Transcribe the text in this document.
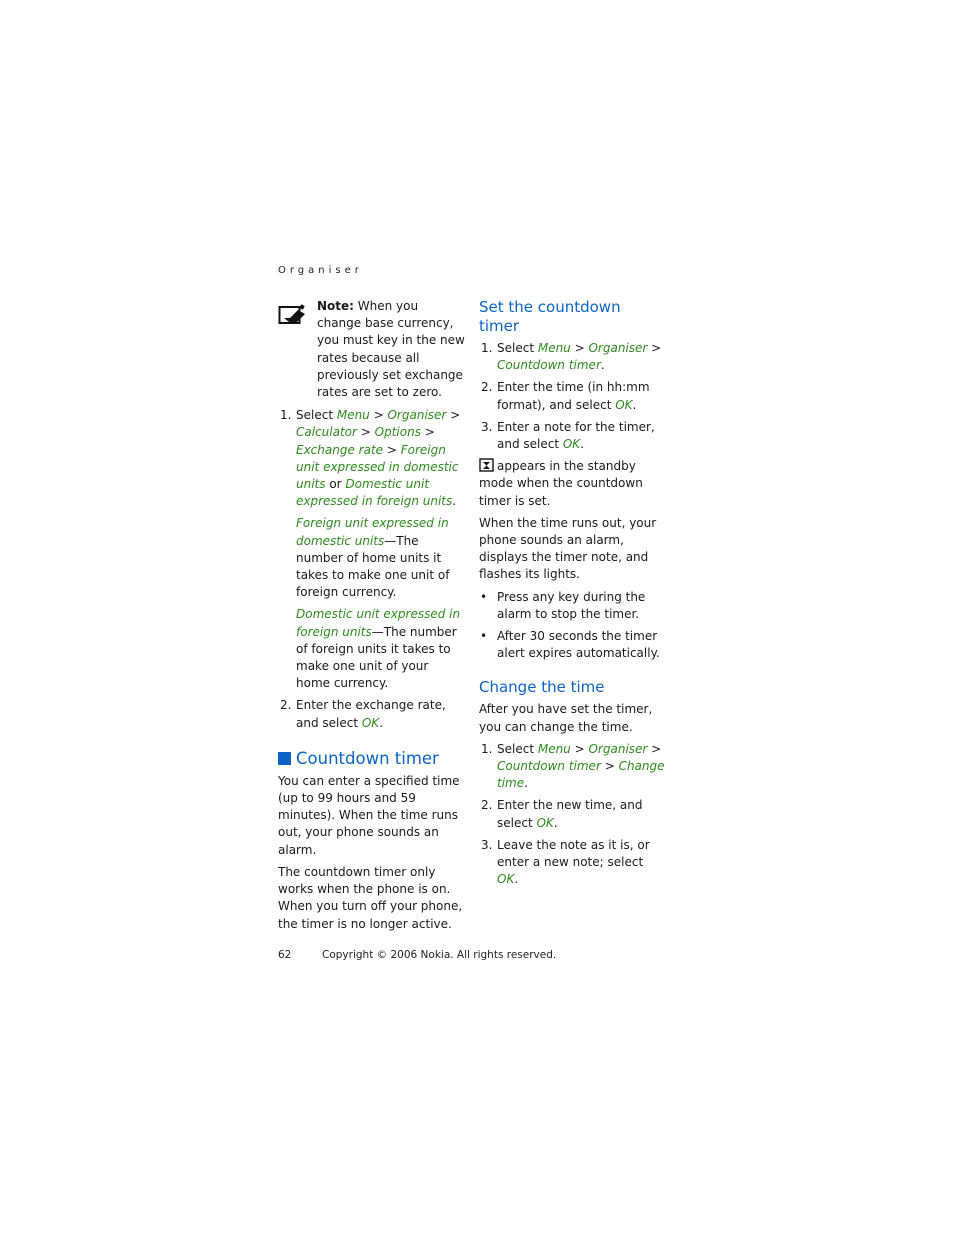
Organiser
Note: When you change base currency, you must key in the new rates because all previously set exchange rates are set to zero.
1. Select Menu > Organiser > Calculator > Options > Exchange rate > Foreign unit expressed in domestic units or Domestic unit expressed in foreign units.

Foreign unit expressed in domestic units—The number of home units it takes to make one unit of foreign currency.

Domestic unit expressed in foreign units—The number of foreign units it takes to make one unit of your home currency.

2. Enter the exchange rate, and select OK.
Countdown timer

You can enter a specified time (up to 99 hours and 59 minutes). When the time runs out, your phone sounds an alarm.

The countdown timer only works when the phone is on. When you turn off your phone, the timer is no longer active.

Set the countdown timer
1. Select Menu > Organiser > Countdown timer.
2. Enter the time (in hh:mm format), and select OK.
3. Enter a note for the timer, and select OK.

appears in the standby mode when the countdown timer is set.

When the time runs out, your phone sounds an alarm, displays the timer note, and flashes its lights.

• Press any key during the alarm to stop the timer.
• After 30 seconds the timer alert expires automatically.
Change the time

After you have set the timer, you can change the time.

1. Select Menu > Organiser > Countdown timer > Change time.
2. Enter the new time, and select OK.
3. Leave the note as it is, or enter a new note; select OK.
62	Copyright © 2006 Nokia. All rights reserved.
